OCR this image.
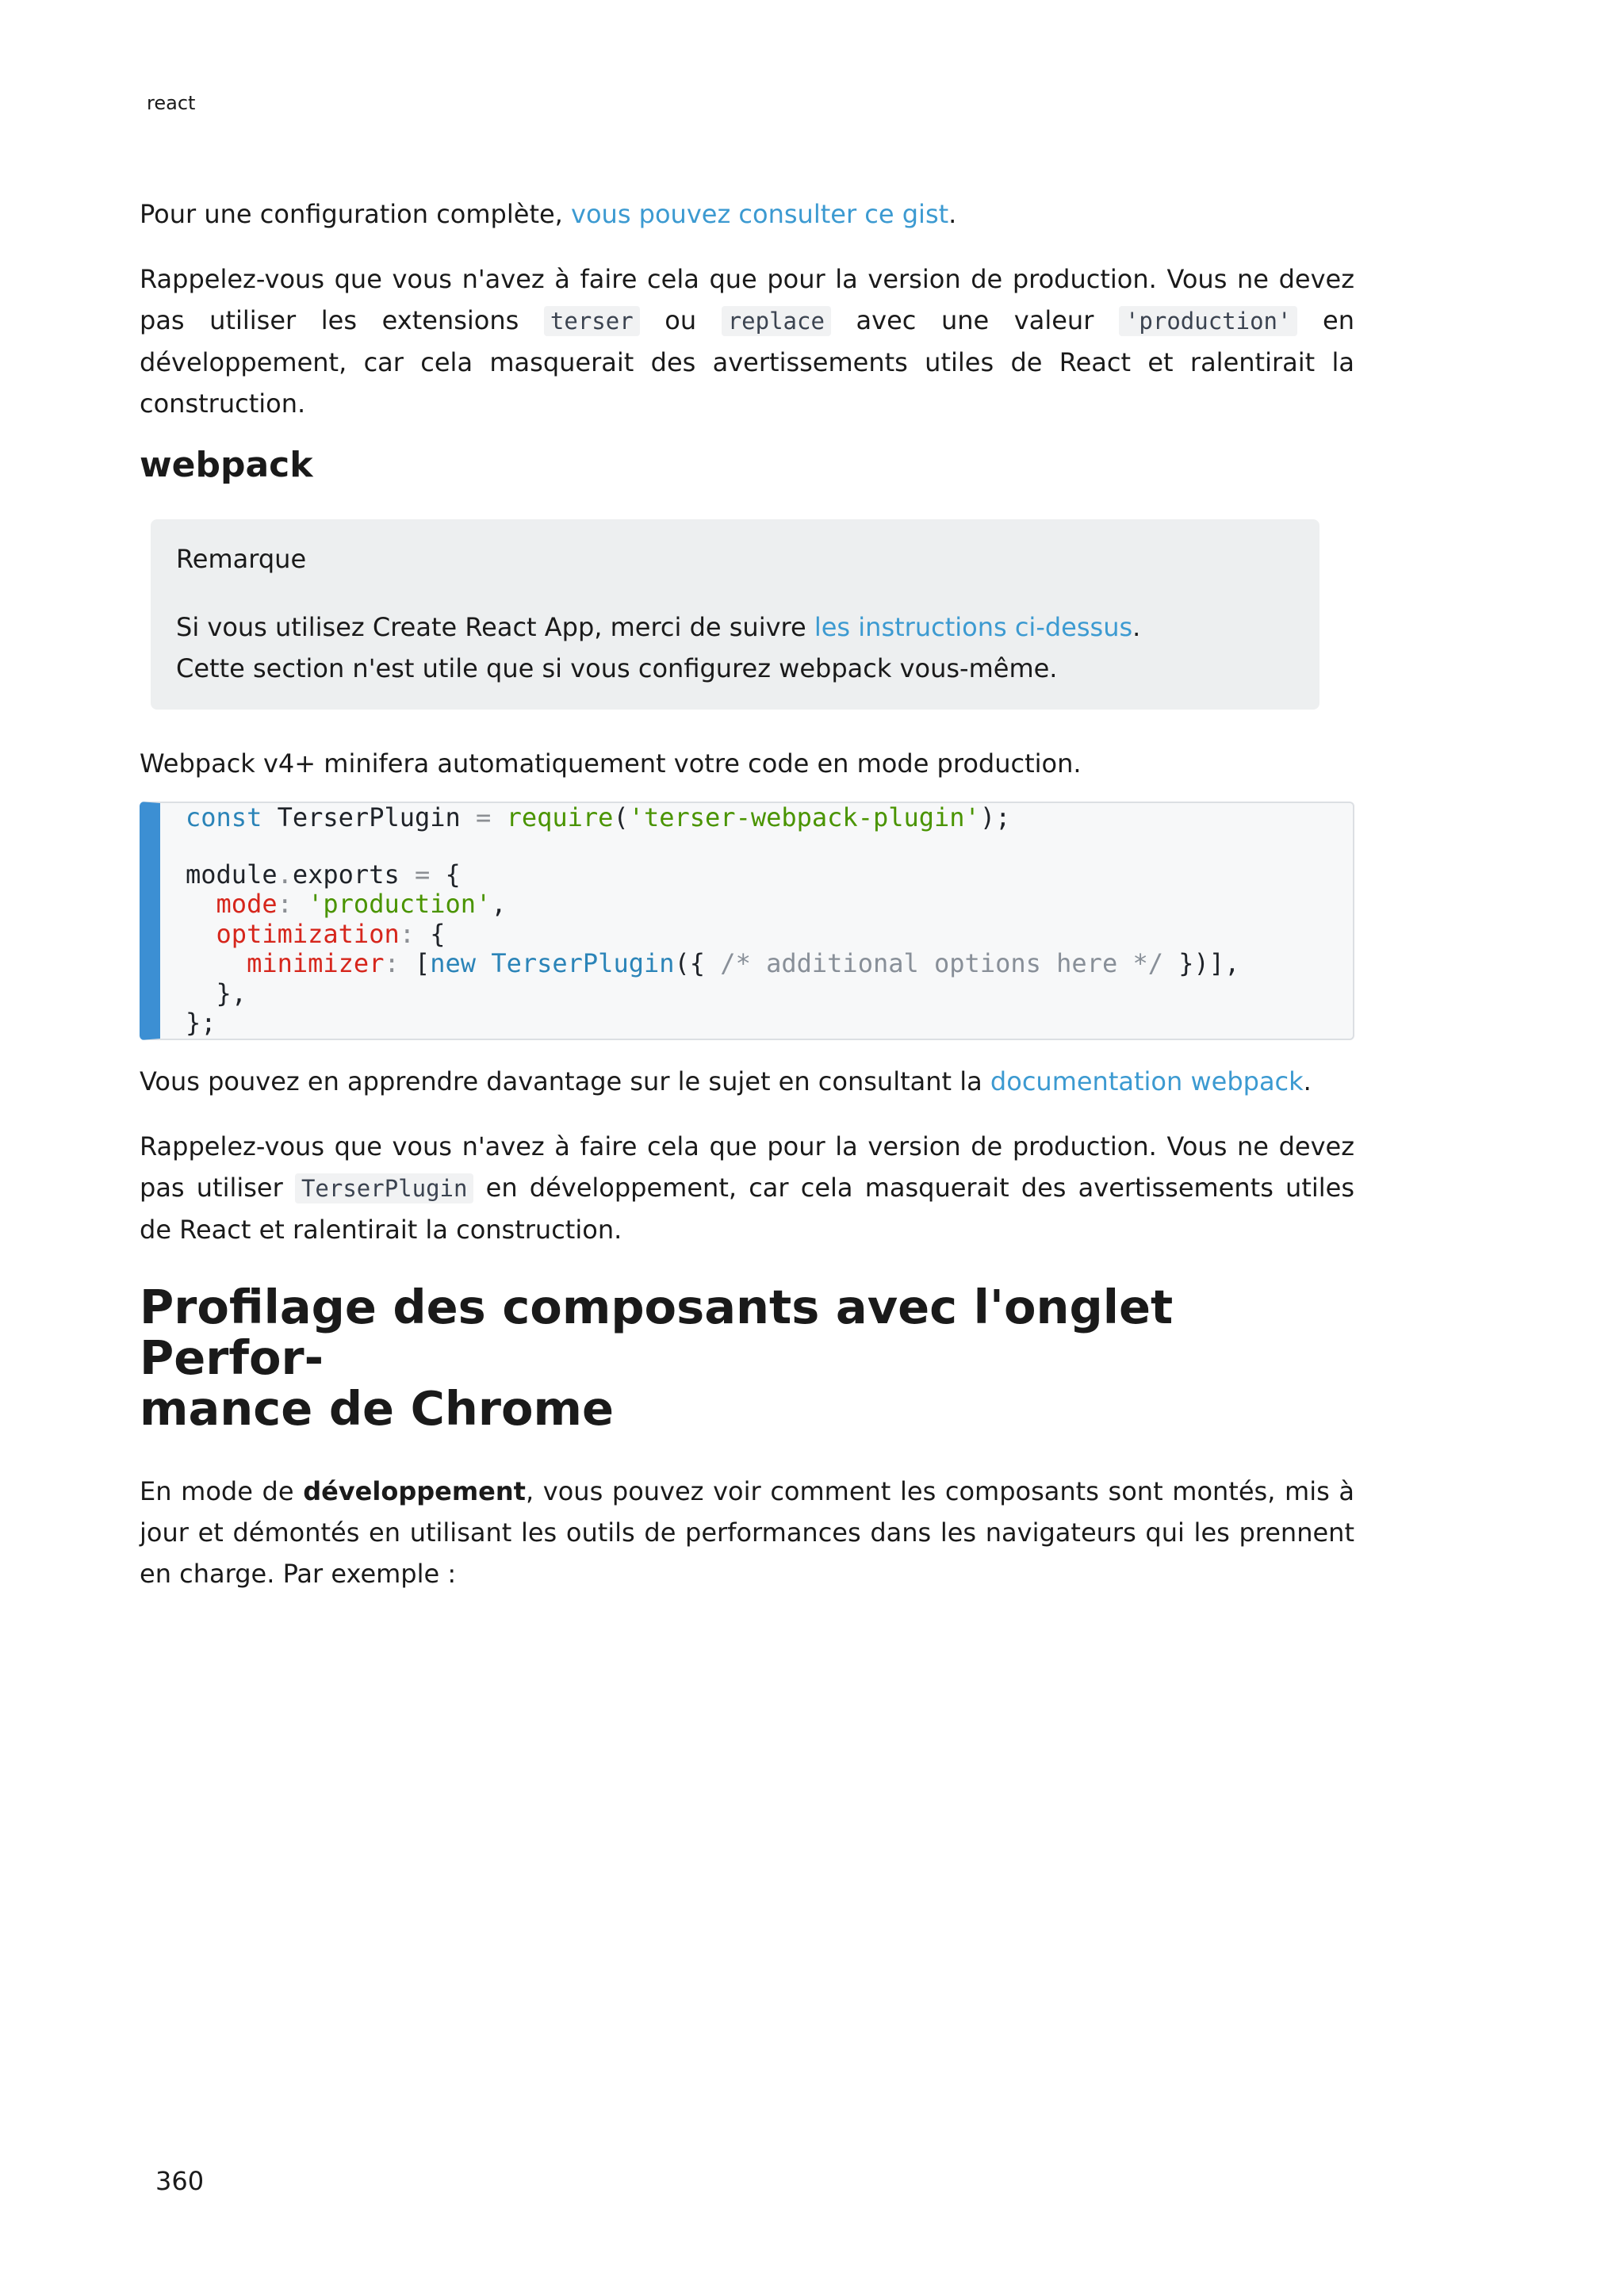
react

Pour une configuration complète, vous pouvez consulter ce gist.

Rappelez-vous que vous n'avez à faire cela que pour la version de production. Vous ne devez pas utiliser les extensions terser ou replace avec une valeur 'production' en développement, car cela masquerait des avertissements utiles de React et ralentirait la construction.

webpack

Remarque

Si vous utilisez Create React App, merci de suivre les instructions ci-dessus.

Cette section n'est utile que si vous configurez webpack vous-même.

Webpack v4+ minifera automatiquement votre code en mode production.

const TerserPlugin = require('terser-webpack-plugin');
module.exports = {
mode: 'production',
optimization: {
minimizer: [new TerserPlugin({ /* additional options here */ })],
},
};

Vous pouvez en apprendre davantage sur le sujet en consultant la documentation webpack.

Rappelez-vous que vous n'avez à faire cela que pour la version de production. Vous ne devez pas utiliser TerserPlugin en développement, car cela masquerait des avertissements utiles de React et ralentirait la construction.

Profilage des composants avec l'onglet Perfor-
mance de Chrome

En mode de développement, vous pouvez voir comment les composants sont montés, mis à jour et démontés en utilisant les outils de performances dans les navigateurs qui les prennent en charge. Par exemple :

360
